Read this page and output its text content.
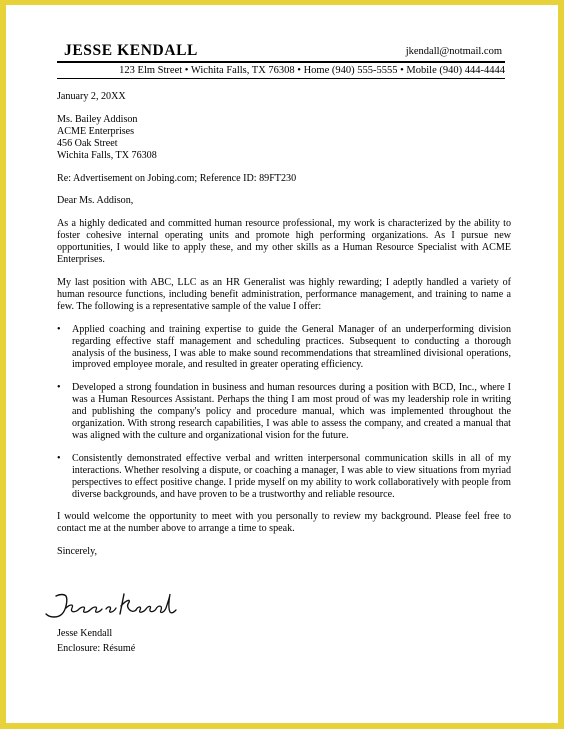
JESSE KENDALL	jkendall@notmail.com
123 Elm Street • Wichita Falls, TX 76308 • Home (940) 555-5555 • Mobile (940) 444-4444
January 2, 20XX
Ms. Bailey Addison
ACME Enterprises
456 Oak Street
Wichita Falls, TX 76308
Re: Advertisement on Jobing.com; Reference ID: 89FT230
Dear Ms. Addison,
As a highly dedicated and committed human resource professional, my work is characterized by the ability to foster cohesive internal operating units and promote high performing organizations. As I pursue new opportunities, I would like to apply these, and my other skills as a Human Resource Specialist with ACME Enterprises.
My last position with ABC, LLC as an HR Generalist was highly rewarding; I adeptly handled a variety of human resource functions, including benefit administration, performance management, and training to name a few. The following is a representative sample of the value I offer:
• Applied coaching and training expertise to guide the General Manager of an underperforming division regarding effective staff management and scheduling practices. Subsequent to conducting a thorough analysis of the business, I was able to make sound recommendations that streamlined divisional operations, improved employee morale, and resulted in greater operating efficiency.
• Developed a strong foundation in business and human resources during a position with BCD, Inc., where I was a Human Resources Assistant. Perhaps the thing I am most proud of was my leadership role in writing and publishing the company's policy and procedure manual, which was implemented throughout the organization. With strong research capabilities, I was able to assess the company, and created a manual that was aligned with the culture and organizational vision for the future.
• Consistently demonstrated effective verbal and written interpersonal communication skills in all of my interactions. Whether resolving a dispute, or coaching a manager, I was able to view situations from myriad perspectives to effect positive change. I pride myself on my ability to work collaboratively with people from diverse backgrounds, and have proven to be a trustworthy and reliable resource.
I would welcome the opportunity to meet with you personally to review my background. Please feel free to contact me at the number above to arrange a time to speak.
Sincerely,
Jesse Kendall
Enclosure: Résumé
